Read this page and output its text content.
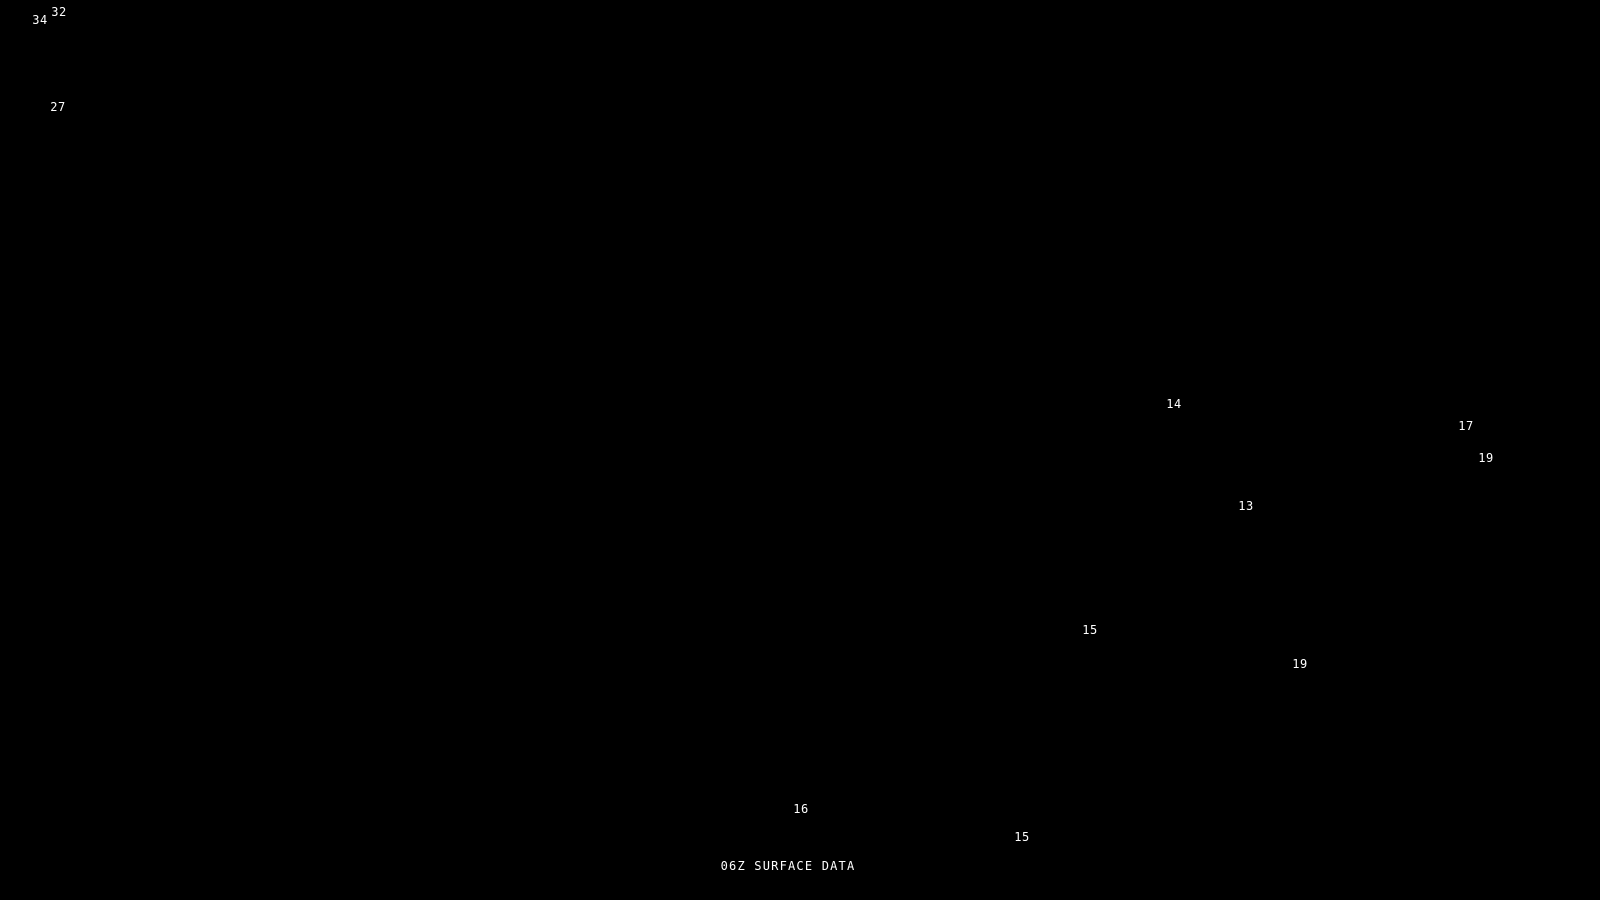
06Z SURFACE DATA
34
32
27
14
17
19
13
15
19
16
15
